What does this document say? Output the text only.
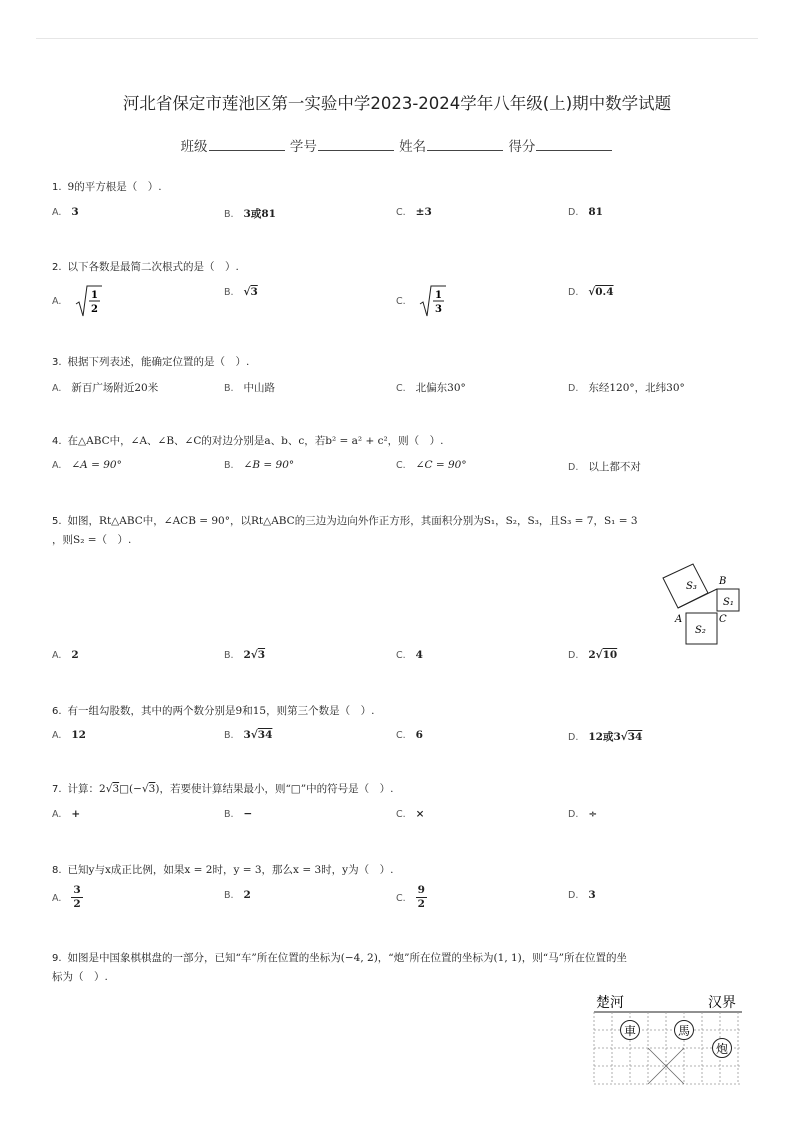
河北省保定市莲池区第一实验中学2023-2024学年八年级(上)期中数学试题
班级	学号	姓名	得分
1. 9的平方根是（　）.
A. 3	B. 3或81	C. ±3	D. 81
2. 以下各数是最简二次根式的是（　）.
A.
1
2
B. √3
C.
1
3
D. √0.4
3. 根据下列表述，能确定位置的是（　）.
A. 新百广场附近20米	B. 中山路	C. 北偏东30°	D. 东经120°，北纬30°
4. 在△ABC中，∠A、∠B、∠C的对边分别是a、b、c，若b² = a² + c²，则（　）.
A. ∠A = 90°	B. ∠B = 90°	C. ∠C = 90°	D. 以上都不对
5. 如图，Rt△ABC中，∠ACB = 90°，以Rt△ABC的三边为边向外作正方形，其面积分别为S₁，S₂，S₃，且S₃ = 7，S₁ = 3
，则S₂ =（　）.
S₃ B
S₁
A	C
S₂
A. 2	B. 2√3	C. 4	D. 2√10
6. 有一组勾股数，其中的两个数分别是9和15，则第三个数是（　）.
A. 12	B. 3√34	C. 6	D. 12或3√34
7. 计算：2√3□(−√3)，若要使计算结果最小，则“□”中的符号是（　）.
A. +	B. −	C. ×	D. ÷
8. 已知y与x成正比例，如果x = 2时，y = 3，那么x = 3时，y为（　）.
A. $\frac{3}{2}$	B. 2	C. $\frac{9}{2}$	D. 3
9. 如图是中国象棋棋盘的一部分，已知“车”所在位置的坐标为(−4, 2)，“炮”所在位置的坐标为(1, 1)，则“马”所在位置的坐
标为（　）.
楚河	汉界
車	馬
炮
